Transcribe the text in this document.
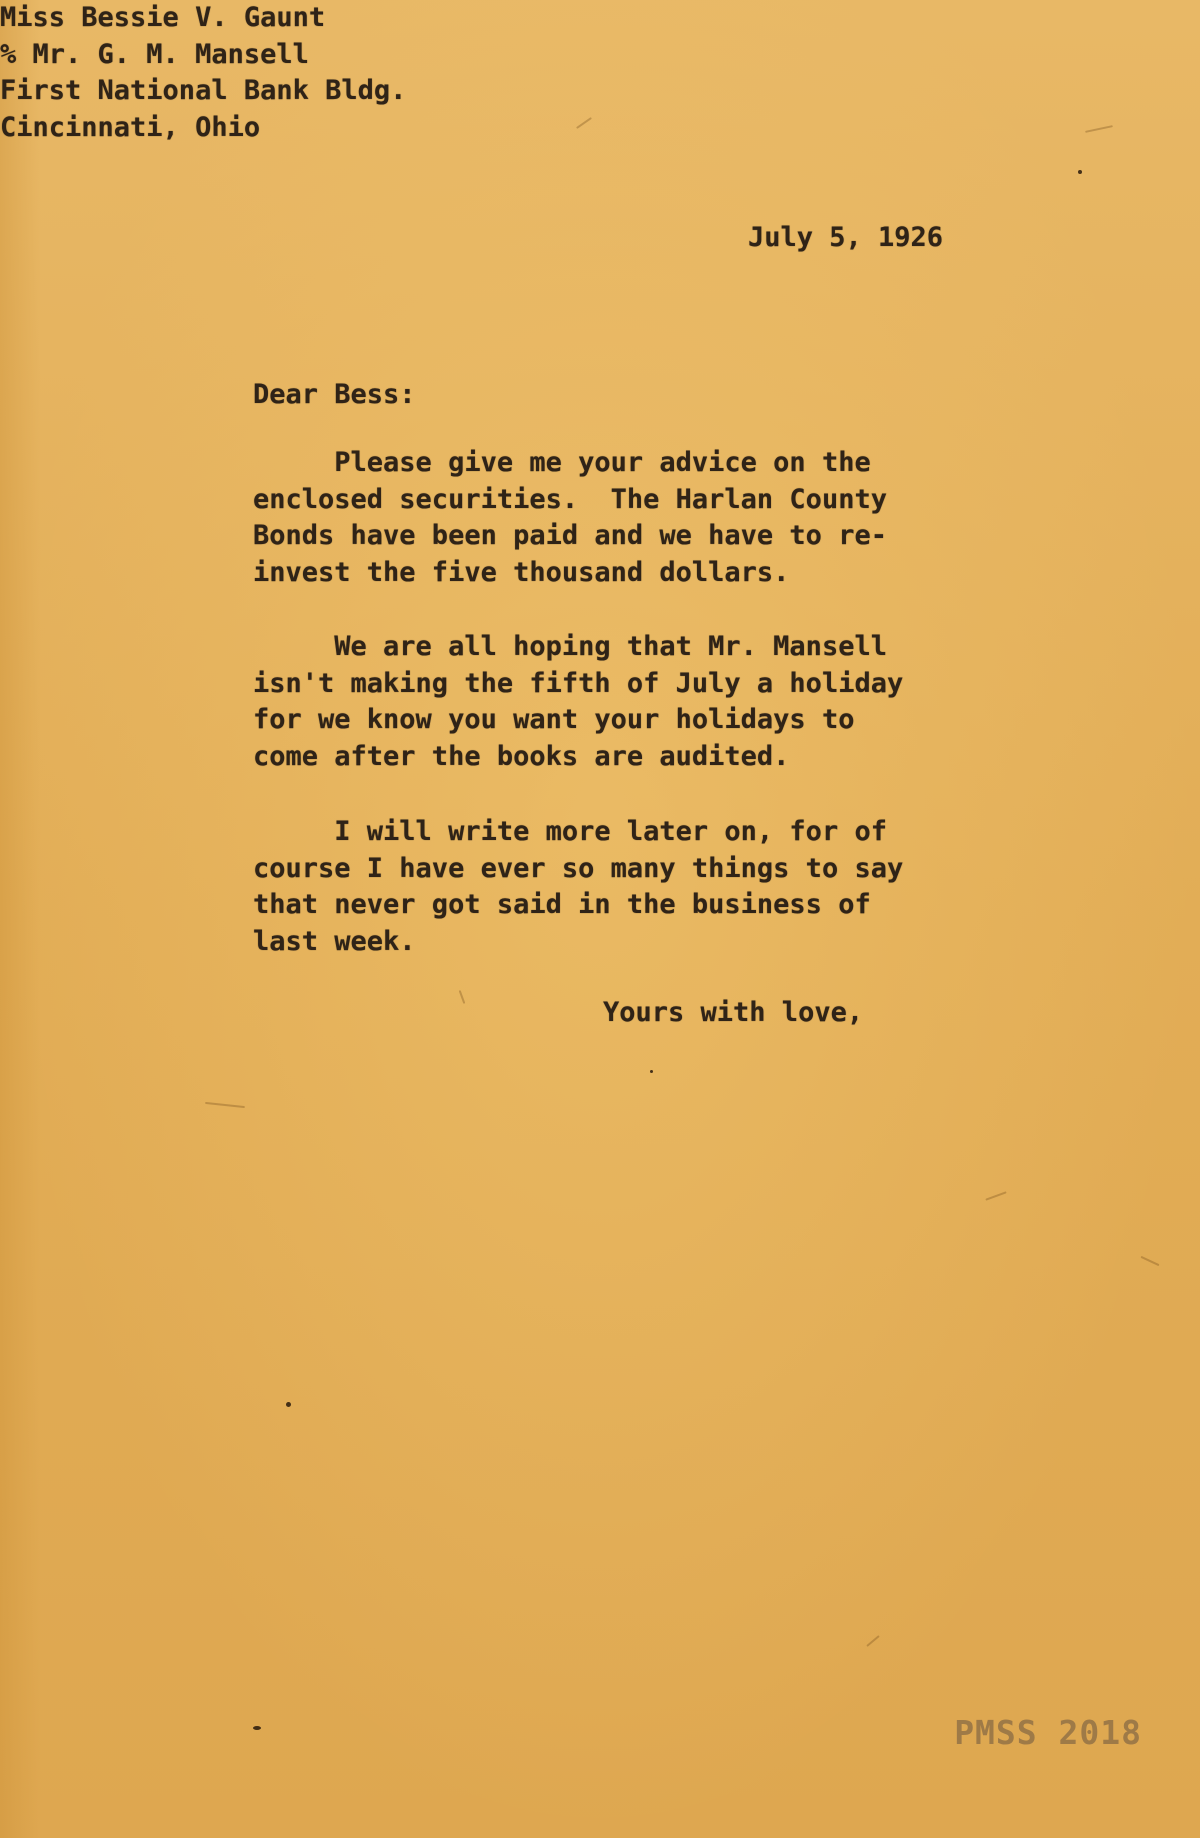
July 5, 1926

Dear Bess:

Please give me your advice on the
enclosed securities.  The Harlan County
Bonds have been paid and we have to re-
invest the five thousand dollars.
We are all hoping that Mr. Mansell
isn't making the fifth of July a holiday
for we know you want your holidays to
come after the books are audited.
I will write more later on, for of
course I have ever so many things to say
that never got said in the business of
last week.

Yours with love,

Miss Bessie V. Gaunt
% Mr. G. M. Mansell
First National Bank Bldg.
Cincinnati, Ohio

PMSS 2018
